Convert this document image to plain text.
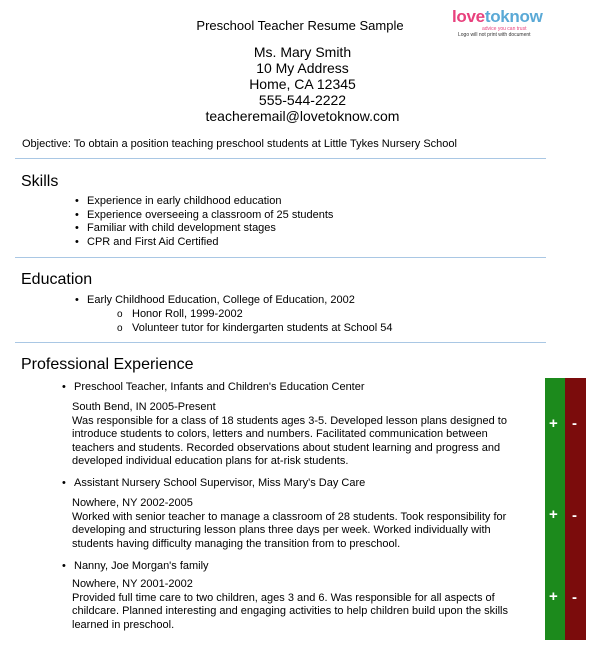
Preschool Teacher Resume Sample	lovetoknow
advice you can trust
Logo will not print with document
Ms. Mary Smith
10 My Address
Home, CA 12345
555-544-2222
teacheremail@lovetoknow.com
Objective: To obtain a position teaching preschool students at Little Tykes Nursery School
Skills
• Experience in early childhood education
• Experience overseeing a classroom of 25 students
• Familiar with child development stages
• CPR and First Aid Certified
Education
• Early Childhood Education, College of Education, 2002
o Honor Roll, 1999-2002
o Volunteer tutor for kindergarten students at School 54
Professional Experience
• Preschool Teacher, Infants and Children's Education Center
South Bend, IN 2005-Present
Was responsible for a class of 18 students ages 3-5. Developed lesson plans designed to
introduce students to colors, letters and numbers. Facilitated communication between
teachers and students. Recorded observations about student learning and progress and
developed individual education plans for at-risk students.
• Assistant Nursery School Supervisor, Miss Mary's Day Care
Nowhere, NY 2002-2005
Worked with senior teacher to manage a classroom of 28 students. Took responsibility for
developing and structuring lesson plans three days per week. Worked individually with
students having difficulty managing the transition from to preschool.
• Nanny, Joe Morgan's family
Nowhere, NY 2001-2002
Provided full time care to two children, ages 3 and 6. Was responsible for all aspects of
childcare. Planned interesting and engaging activities to help children build upon the skills
learned in preschool.
+
+
+
-
-
-
